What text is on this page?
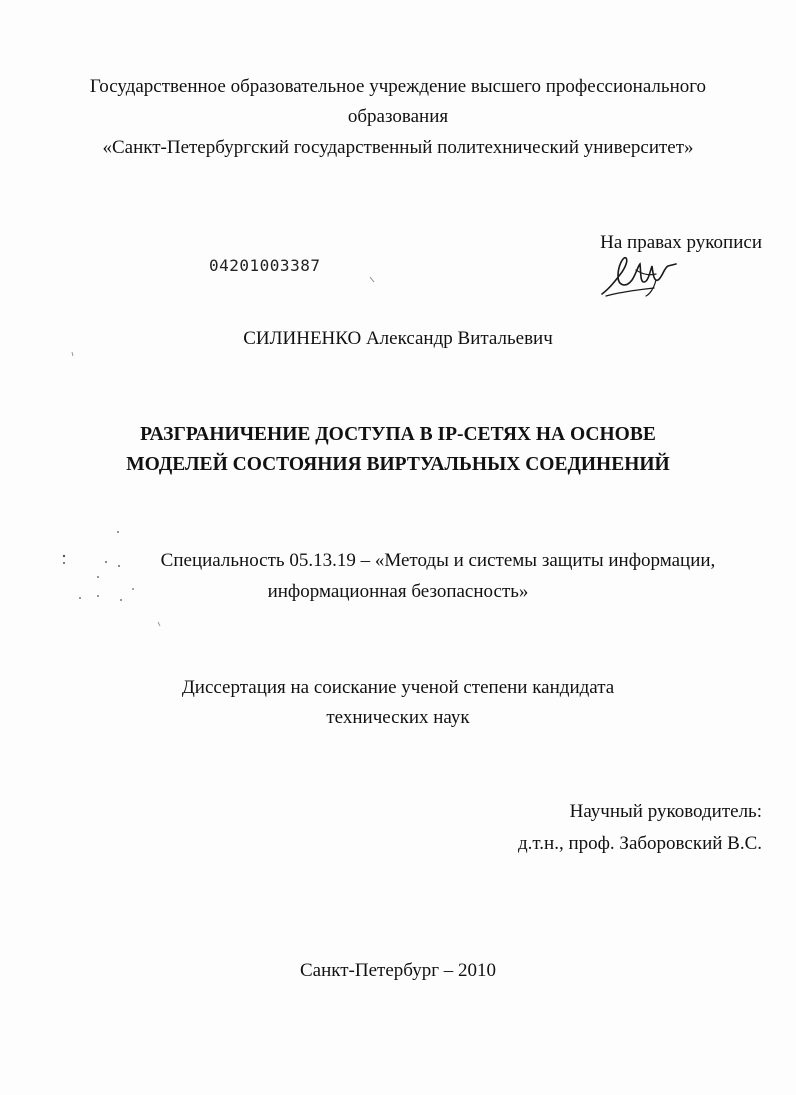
Государственное образовательное учреждение высшего профессионального
образования
«Санкт-Петербургский государственный политехнический университет»
04201003387
На правах рукописи
СИЛИНЕНКО Александр Витальевич
РАЗГРАНИЧЕНИЕ ДОСТУПА В IP-СЕТЯХ НА ОСНОВЕ
МОДЕЛЕЙ СОСТОЯНИЯ ВИРТУАЛЬНЫХ СОЕДИНЕНИЙ
Специальность 05.13.19 – «Методы и системы защиты информации,
информационная безопасность»
Диссертация на соискание ученой степени кандидата
технических наук
Научный руководитель:
д.т.н., проф. Заборовский В.С.
Санкт-Петербург – 2010
